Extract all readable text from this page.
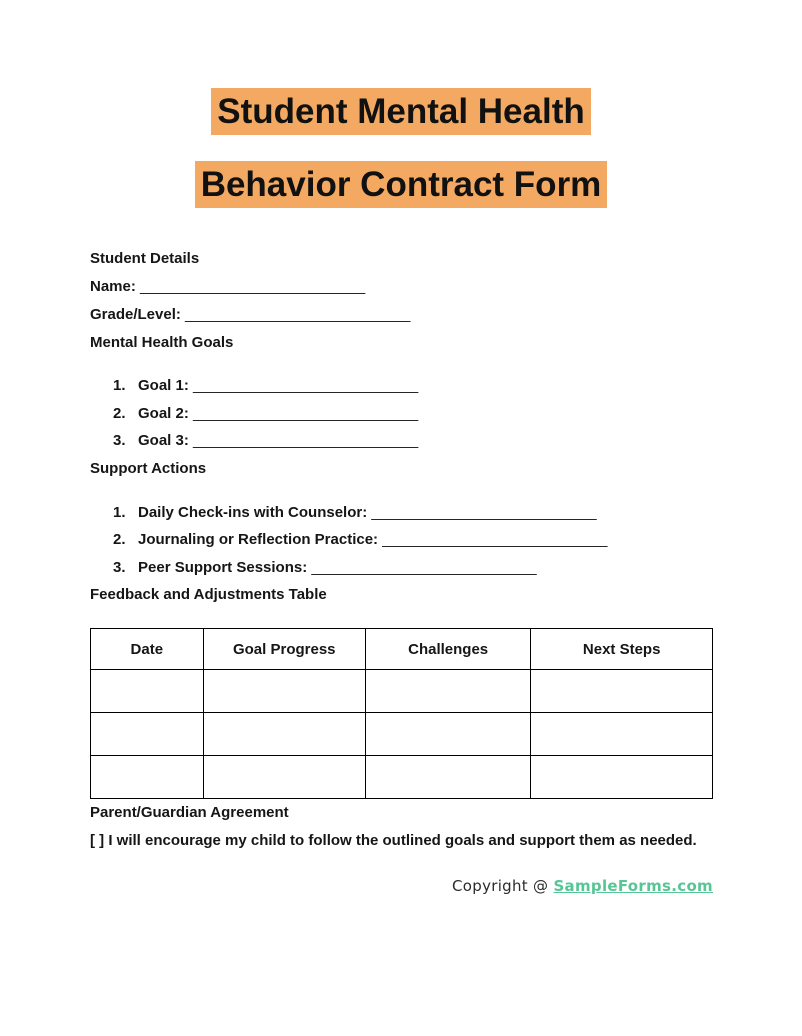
Student Mental Health
Behavior Contract Form

Student Details

Name: ___________________________

Grade/Level: ___________________________

Mental Health Goals

1. Goal 1: ___________________________
2. Goal 2: ___________________________
3. Goal 3: ___________________________

Support Actions

1. Daily Check-ins with Counselor: ___________________________
2. Journaling or Reflection Practice: ___________________________
3. Peer Support Sessions: ___________________________

Feedback and Adjustments Table

Date	Goal Progress	Challenges	Next Steps

Parent/Guardian Agreement

[ ] I will encourage my child to follow the outlined goals and support them as needed.

Copyright @ SampleForms.com
